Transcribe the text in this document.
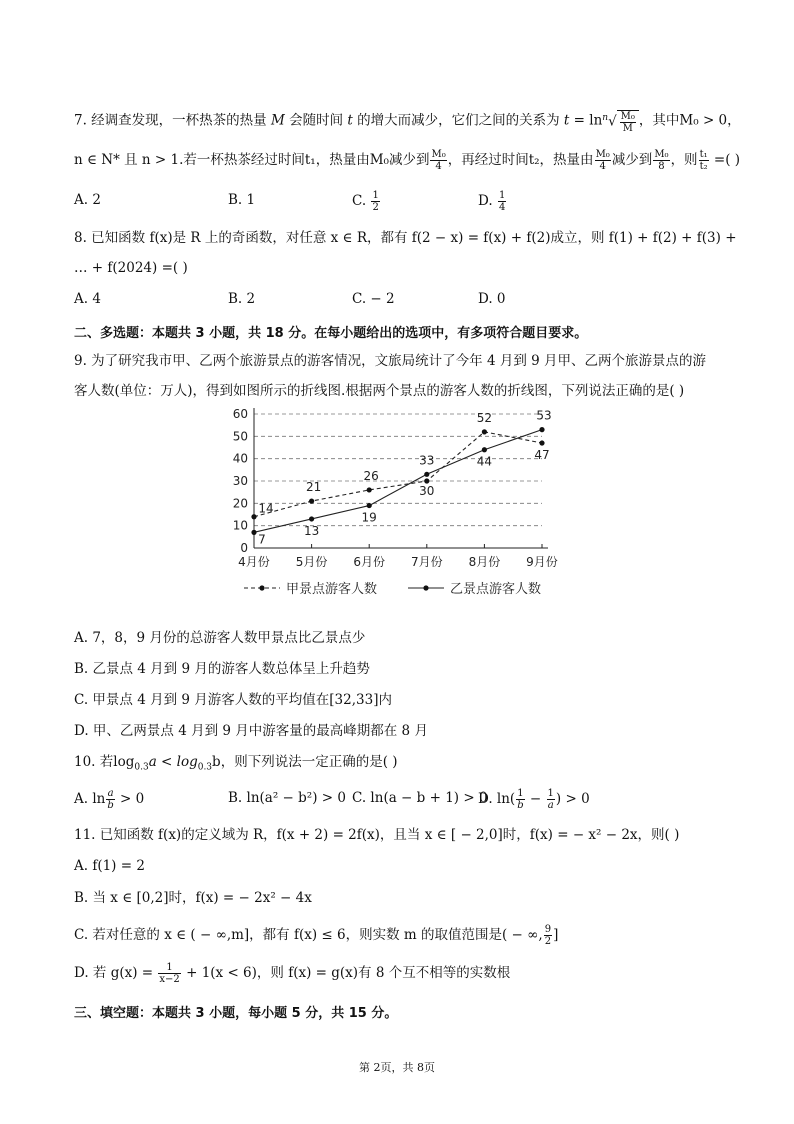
7. 经调查发现，一杯热茶的热量 M 会随时间 t 的增大而减少，它们之间的关系为 $t = \ln^n√ \frac{\text{M₀}}{M}$ ，其中M₀ > 0，
n ∈ N* 且 n > 1.若一杯热茶经过时间t₁，热量由M₀减少到 $\frac{\text{M₀}}{4}$ ，再经过时间t₂，热量由 $\frac{\text{M₀}}{4}$ 减少到 $\frac{\text{M₀}}{8}$ ，则 $\frac{\text{t₁}}{\text{t₂}}$ =( )
A. 2	B. 1	C. $\frac{1}{2}$	D. $\frac{1}{4}$
8. 已知函数 f(x)是 R 上的奇函数，对任意 x ∈ R，都有 f(2 − x) = f(x) + f(2)成立，则 f(1) + f(2) + f(3) +
… + f(2024) =( )
A. 4	B. 2	C. − 2	D. 0
二、多选题：本题共 3 小题，共 18 分。在每小题给出的选项中，有多项符合题目要求。
9. 为了研究我市甲、乙两个旅游景点的游客情况，文旅局统计了今年 4 月到 9 月甲、乙两个旅游景点的游
客人数(单位：万人)，得到如图所示的折线图.根据两个景点的游客人数的折线图，下列说法正确的是( )
0
10
20
30
40
50
60
4月份 5月份 6月份 7月份 8月份 9月份
14
21
26
30
52
47
7
13
19
33	44
53
甲景点游客人数	乙景点游客人数
A. 7，8，9 月份的总游客人数甲景点比乙景点少
B. 乙景点 4 月到 9 月的游客人数总体呈上升趋势
C. 甲景点 4 月到 9 月游客人数的平均值在[32,33]内
D. 甲、乙两景点 4 月到 9 月中游客量的最高峰期都在 8 月
10. 若$\log_{0.3}a < \log_{0.3}b$，则下列说法一定正确的是( )
A. $\ln \frac{a}{b} > 0$	B. ln(a² − b²) > 0 C. ln(a − b + 1) > 0
D. $\ln( \frac{1}{b} - \frac{1}{a}$ ) > 0
11. 已知函数 f(x)的定义域为 R，f(x + 2) = 2f(x)，且当 x ∈ [ − 2,0]时，f(x) = − x² − 2x，则( )
A. f(1) = 2
B. 当 x ∈ [0,2]时，f(x) = − 2x² − 4x
C. 若对任意的 x ∈ ( − ∞,m]，都有 f(x) ≤ 6，则实数 m 的取值范围是( − ∞, $\frac{9}{2}$ ]
D. 若 $g(x) = \frac{1}{x-2} + 1(x < 6)$，则 f(x) = g(x)有 8 个互不相等的实数根
三、填空题：本题共 3 小题，每小题 5 分，共 15 分。
第 2页，共 8页
